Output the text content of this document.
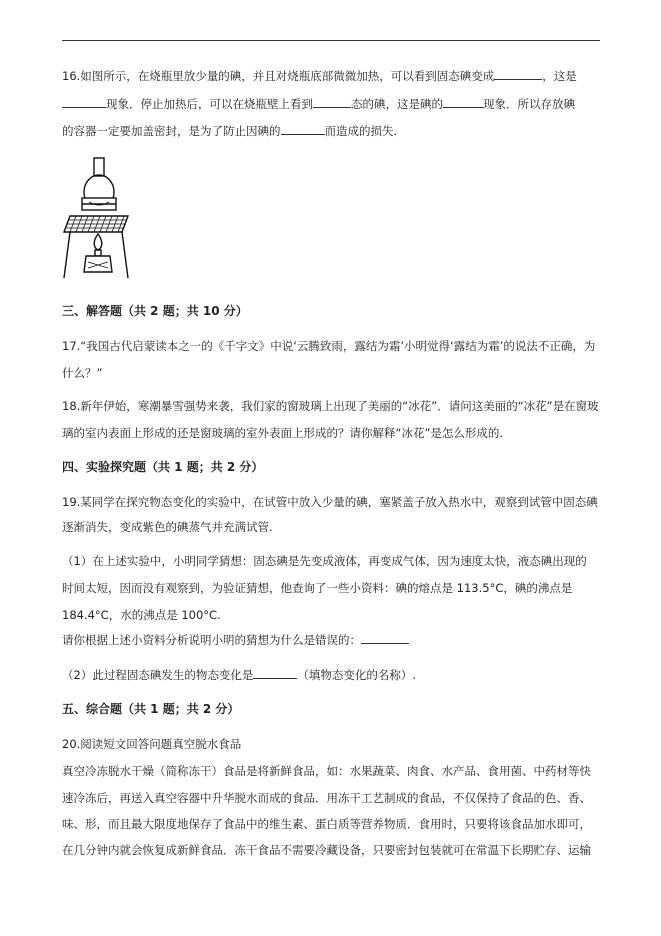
16.如图所示，在烧瓶里放少量的碘，并且对烧瓶底部微微加热，可以看到固态碘变成	，这是
现象．停止加热后，可以在烧瓶壁上看到	态的碘，这是碘的	现象．所以存放碘
的容器一定要加盖密封，是为了防止因碘的	而造成的损失.
三、解答题（共 2 题；共 10 分）
17.“我国古代启蒙读本之一的《千字文》中说‘云腾致雨，露结为霜’小明觉得‘露结为霜’的说法不正确，为
什么？”
18.新年伊始，寒潮暴雪强势来袭，我们家的窗玻璃上出现了美丽的“冰花”．请问这美丽的“冰花”是在窗玻
璃的室内表面上形成的还是窗玻璃的室外表面上形成的？请你解释“冰花”是怎么形成的.
四、实验探究题（共 1 题；共 2 分）
19.某同学在探究物态变化的实验中，在试管中放入少量的碘，塞紧盖子放入热水中，观察到试管中固态碘
逐渐消失，变成紫色的碘蒸气并充满试管.
（1）在上述实验中，小明同学猜想：固态碘是先变成液体，再变成气体，因为速度太快，液态碘出现的
时间太短，因而没有观察到，为验证猜想，他查询了一些小资料：碘的熔点是 113.5°C，碘的沸点是
184.4°C，水的沸点是 100°C.
请你根据上述小资料分析说明小明的猜想为什么是错误的：
（2）此过程固态碘发生的物态变化是	（填物态变化的名称）.
五、综合题（共 1 题；共 2 分）
20.阅读短文回答问题真空脱水食品
真空冷冻脱水干燥（简称冻干）食品是将新鲜食品，如：水果蔬菜、肉食、水产品、食用菌、中药材等快
速冷冻后，再送入真空容器中升华脱水而成的食品．用冻干工艺制成的食品，不仅保持了食品的色、香、
味、形，而且最大限度地保存了食品中的维生素、蛋白质等营养物质．食用时，只要将该食品加水即可，
在几分钟内就会恢复成新鲜食品．冻干食品不需要冷藏设备，只要密封包装就可在常温下长期贮存、运输
